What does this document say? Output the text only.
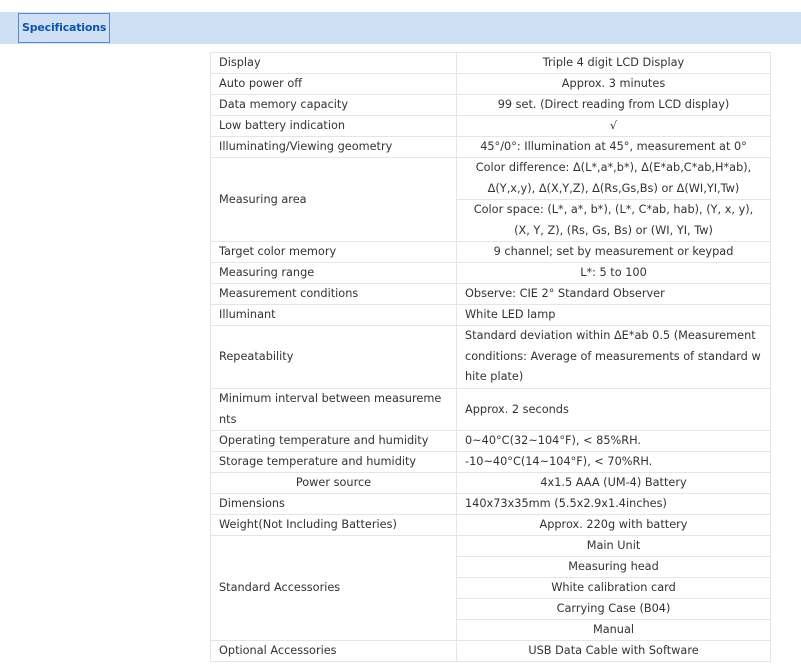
Specifications
Display	Triple 4 digit LCD Display
Auto power off	Approx. 3 minutes
Data memory capacity	99 set. (Direct reading from LCD display)
Low battery indication	√
Illuminating/Viewing geometry	45°/0°: Illumination at 45°, measurement at 0°
Measuring area	Color difference: Δ(L*,a*,b*), Δ(E*ab,C*ab,H*ab), Δ(Y,x,y), Δ(X,Y,Z), Δ(Rs,Gs,Bs) or Δ(WI,YI,Tw)
	Color space: (L*, a*, b*), (L*, C*ab, hab), (Y, x, y), (X, Y, Z), (Rs, Gs, Bs) or (WI, YI, Tw)
Target color memory	9 channel; set by measurement or keypad
Measuring range	L*: 5 to 100
Measurement conditions	Observe: CIE 2° Standard Observer
Illuminant	White LED lamp
Repeatability	Standard deviation within ΔE*ab 0.5 (Measurement conditions: Average of measurements of standard white plate)
Minimum interval between measurements	Approx. 2 seconds
Operating temperature and humidity	0~40°C(32~104°F), < 85%RH.
Storage temperature and humidity	-10~40°C(14~104°F), < 70%RH.
Power source	4x1.5 AAA (UM-4) Battery
Dimensions	140x73x35mm (5.5x2.9x1.4inches)
Weight(Not Including Batteries)	Approx. 220g with battery
Standard Accessories	Main Unit
	Measuring head
	White calibration card
	Carrying Case (B04)
	Manual
Optional Accessories	USB Data Cable with Software
